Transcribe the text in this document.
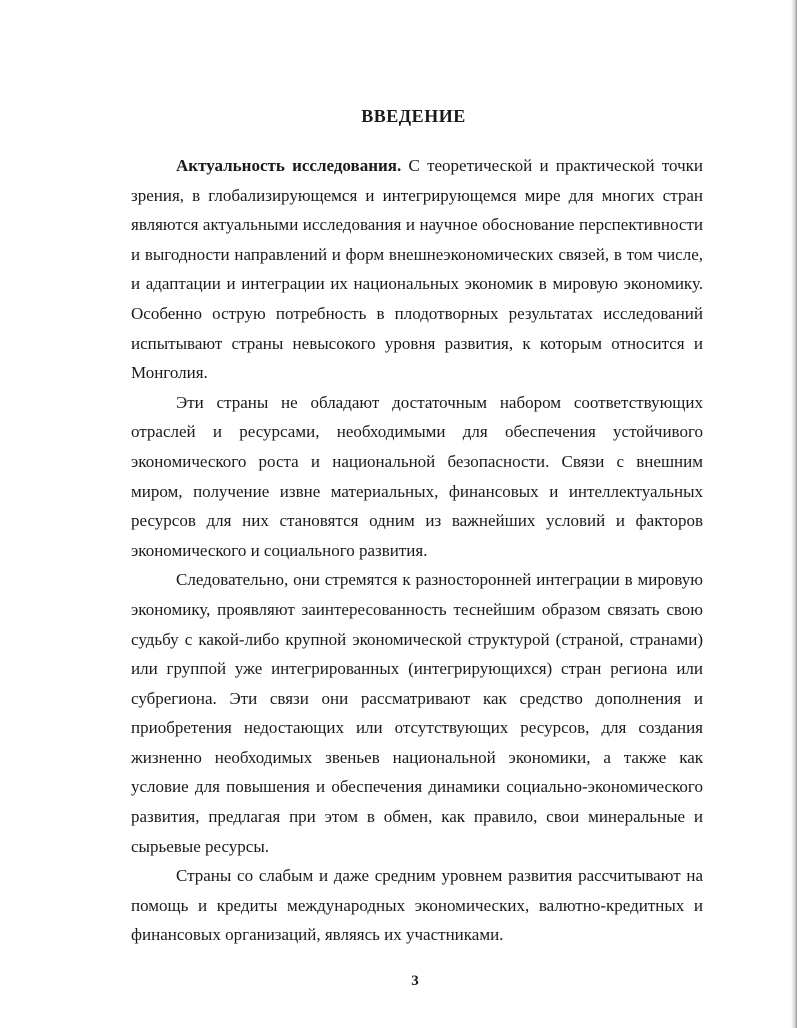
ВВЕДЕНИЕ

Актуальность исследования. С теоретической и практической точки зрения, в глобализирующемся и интегрирующемся мире для многих стран являются актуальными исследования и научное обоснование перспективности и выгодности направлений и форм внешнеэкономических связей, в том числе, и адаптации и интеграции их национальных экономик в мировую экономику. Особенно острую потребность в плодотворных результатах исследований испытывают страны невысокого уровня развития, к которым относится и Монголия.

Эти страны не обладают достаточным набором соответствующих отраслей и ресурсами, необходимыми для обеспечения устойчивого экономического роста и национальной безопасности. Связи с внешним миром, получение извне материальных, финансовых и интеллектуальных ресурсов для них становятся одним из важнейших условий и факторов экономического и социального развития.

Следовательно, они стремятся к разносторонней интеграции в мировую экономику, проявляют заинтересованность теснейшим образом связать свою судьбу с какой-либо крупной экономической структурой (страной, странами) или группой уже интегрированных (интегрирующихся) стран региона или субрегиона. Эти связи они рассматривают как средство дополнения и приобретения недостающих или отсутствующих ресурсов, для создания жизненно необходимых звеньев национальной экономики, а также как условие для повышения и обеспечения динамики социально-экономического развития, предлагая при этом в обмен, как правило, свои минеральные и сырьевые ресурсы.

Страны со слабым и даже средним уровнем развития рассчитывают на помощь и кредиты международных экономических, валютно-кредитных и финансовых организаций, являясь их участниками.

3
